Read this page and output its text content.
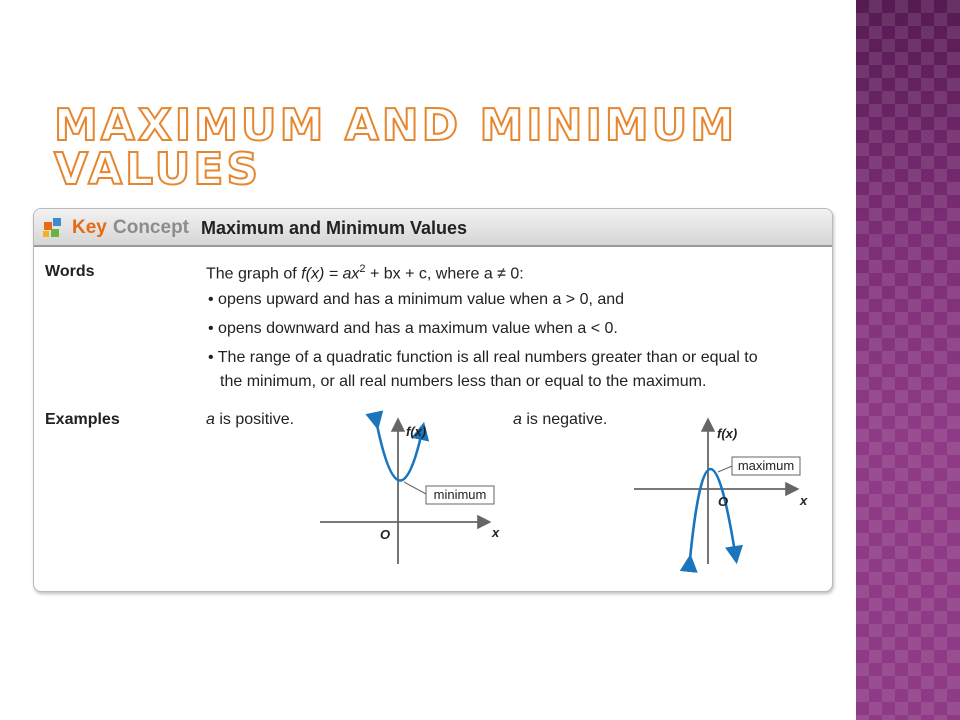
MAXIMUM AND MINIMUM VALUES
Key Concept Maximum and Minimum Values
Words	The graph of $f(x) = ax^2$ + bx + c, where a ≠ 0:
• opens upward and has a minimum value when a > 0, and
• opens downward and has a maximum value when a < 0.
• The range of a quadratic function is all real numbers greater than or equal to
the minimum, or all real numbers less than or equal to the maximum.
Examples	a is positive.	a is negative.
minimum
f(x)
x
O
maximum
f(x)
x
O
